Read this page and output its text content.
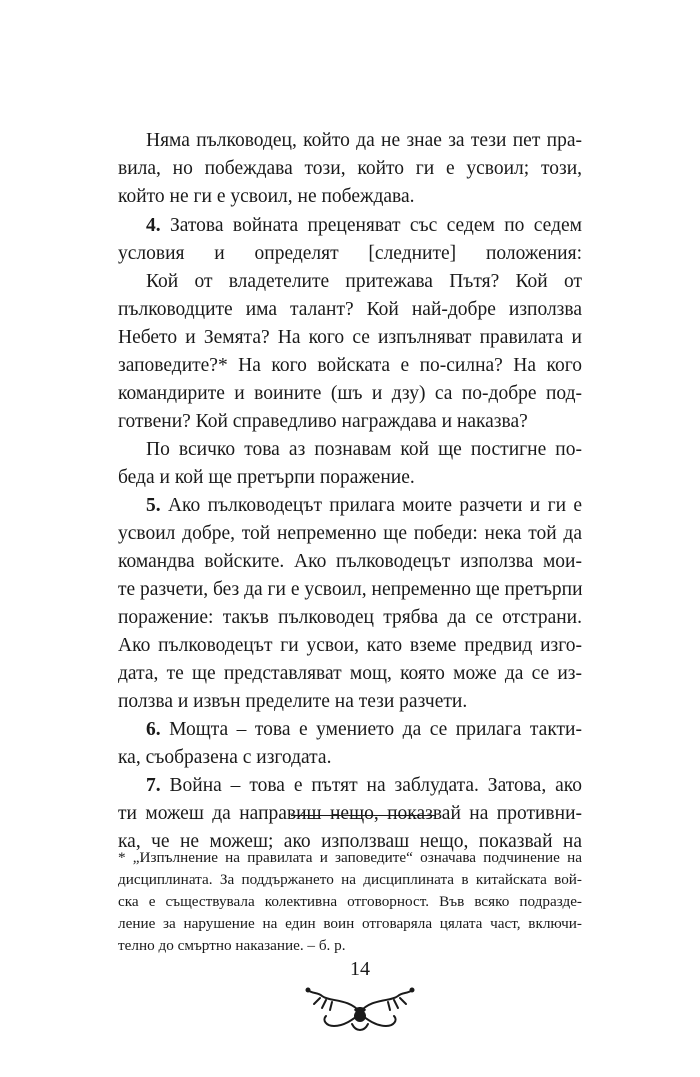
Няма пълководец, който да не знае за тези пет пра-
вила, но побеждава този, който ги е усвоил; този,
който не ги е усвоил, не побеждава.
4. Затова войната преценяват със седем по седем
условия и определят [следните] положения:
Кой от владетелите притежава Пътя? Кой от
пълководците има талант? Кой най-добре използва
Небето и Земята? На кого се изпълняват правилата и
заповедите?* На кого войската е по-силна? На кого
командирите и воините (шъ и дзу) са по-добре под-
готвени? Кой справедливо награждава и наказва?
По всичко това аз познавам кой ще постигне по-
беда и кой ще претърпи поражение.
5. Ако пълководецът прилага моите разчети и ги е
усвоил добре, той непременно ще победи: нека той да
командва войските. Ако пълководецът използва мои-
те разчети, без да ги е усвоил, непременно ще претърпи
поражение: такъв пълководец трябва да се отстрани.
Ако пълководецът ги усвои, като вземе предвид изго-
дата, те ще представляват мощ, която може да се из-
ползва и извън пределите на тези разчети.
6. Мощта – това е умението да се прилага такти-
ка, съобразена с изгодата.
7. Война – това е пътят на заблудата. Затова, ако
ти можеш да направиш нещо, показвай на противни-
ка, че не можеш; ако използваш нещо, показвай на
* „Изпълнение на правилата и заповедите“ означава подчинение на
дисциплината. За поддържането на дисциплината в китайската вой-
ска е съществувала колективна отговорност. Във всяко подразде-
ление за нарушение на един воин отговаряла цялата част, включи-
телно до смъртно наказание. – б. р.
14
